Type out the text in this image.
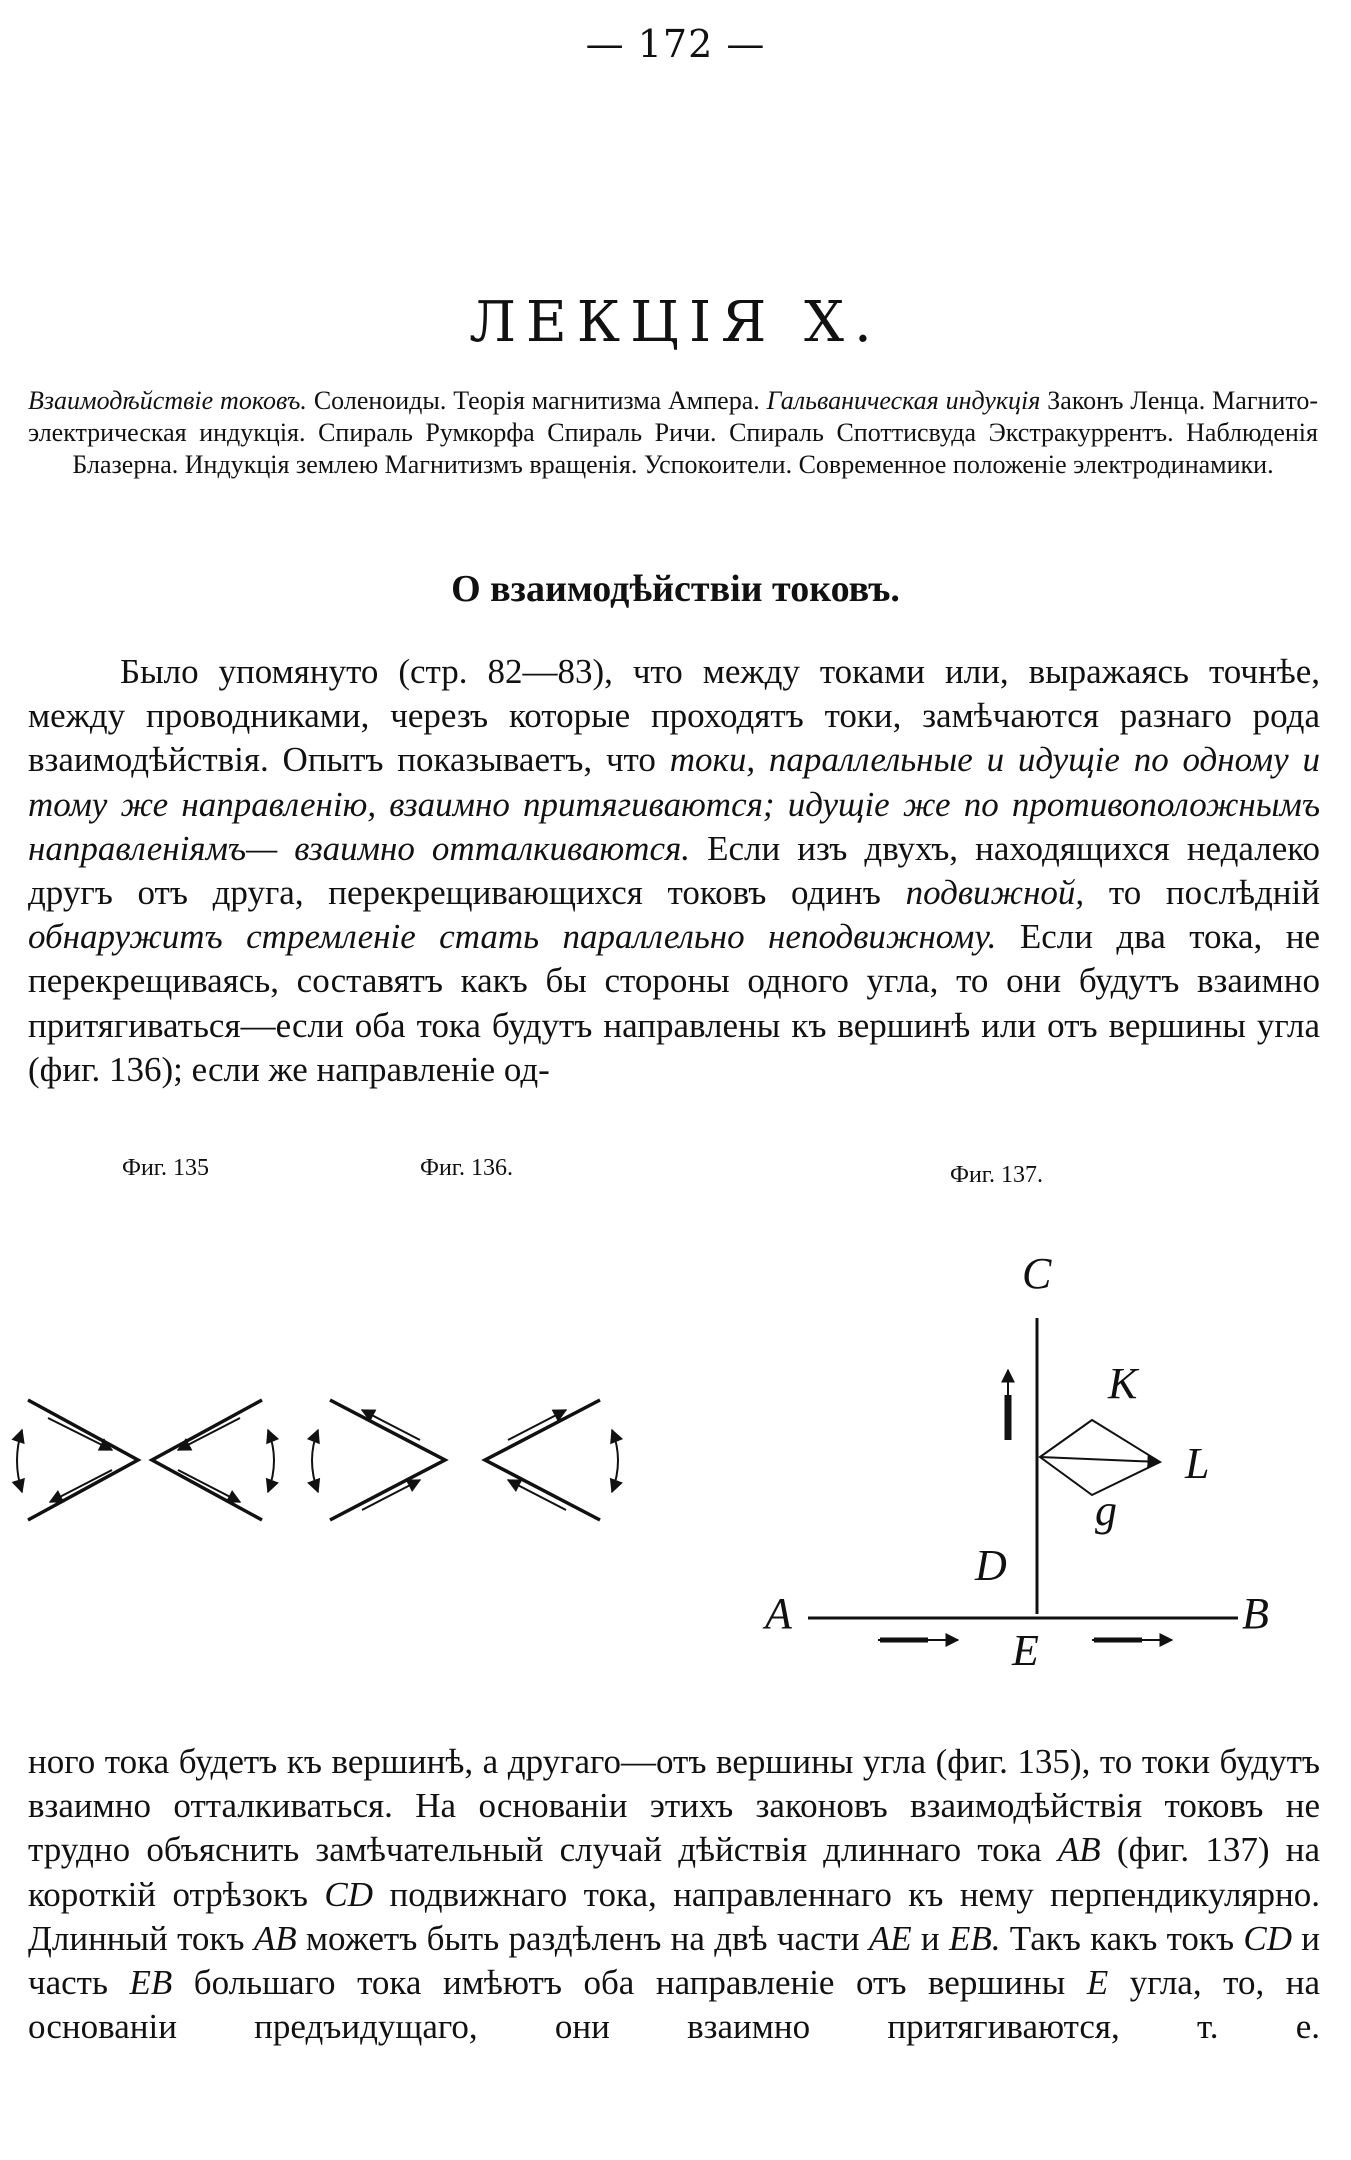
— 172 —
ЛЕКЦІЯ X.
Взаимодѣйствіе токовъ. Соленоиды. Теорія магнитизма Ампера. Гальваническая индукція Законъ Ленца. Магнито-электрическая индукція. Спираль Румкорфа Спираль Ричи. Спираль Споттисвуда Экстракуррентъ. Наблюденія Блазерна. Индукція землею Магнитизмъ вращенія. Успокоители. Современное положеніе электродинамики.
О взаимодѣйствіи токовъ.
Было упомянуто (стр. 82—83), что между токами или, выражаясь точнѣе, между проводниками, черезъ которые проходятъ токи, замѣчаются разнаго рода взаимодѣйствія. Опытъ показываетъ, что токи, параллельные и идущіе по одному и тому же направленію, взаимно притягиваются; идущіе же по противоположнымъ направленіямъ— взаимно отталкиваются. Если изъ двухъ, находящихся недалеко другъ отъ друга, перекрещивающихся токовъ одинъ подвижной, то послѣдній обнаружитъ стремленіе стать параллельно неподвижному. Если два тока, не перекрещиваясь, составятъ какъ бы стороны одного угла, то они будутъ взаимно притягиваться—если оба тока будутъ направлены къ вершинѣ или отъ вершины угла (фиг. 136); если же направленіе од-
Фиг. 135	Фиг. 136.	Фиг. 137.
C
K
L
g
D
A	B
E
ного тока будетъ къ вершинѣ, а другаго—отъ вершины угла (фиг. 135), то токи будутъ взаимно отталкиваться. На основаніи этихъ законовъ взаимодѣйствія токовъ не трудно объяснить замѣчательный случай дѣйствія длиннаго тока AB (фиг. 137) на короткій отрѣзокъ CD подвижнаго тока, направленнаго къ нему перпендикулярно. Длинный токъ AB можетъ быть раздѣленъ на двѣ части AE и EB. Такъ какъ токъ CD и часть EB большаго тока имѣютъ оба направленіе отъ вершины E угла, то, на основаніи предъидущаго, они взаимно притягиваются, т. е.
